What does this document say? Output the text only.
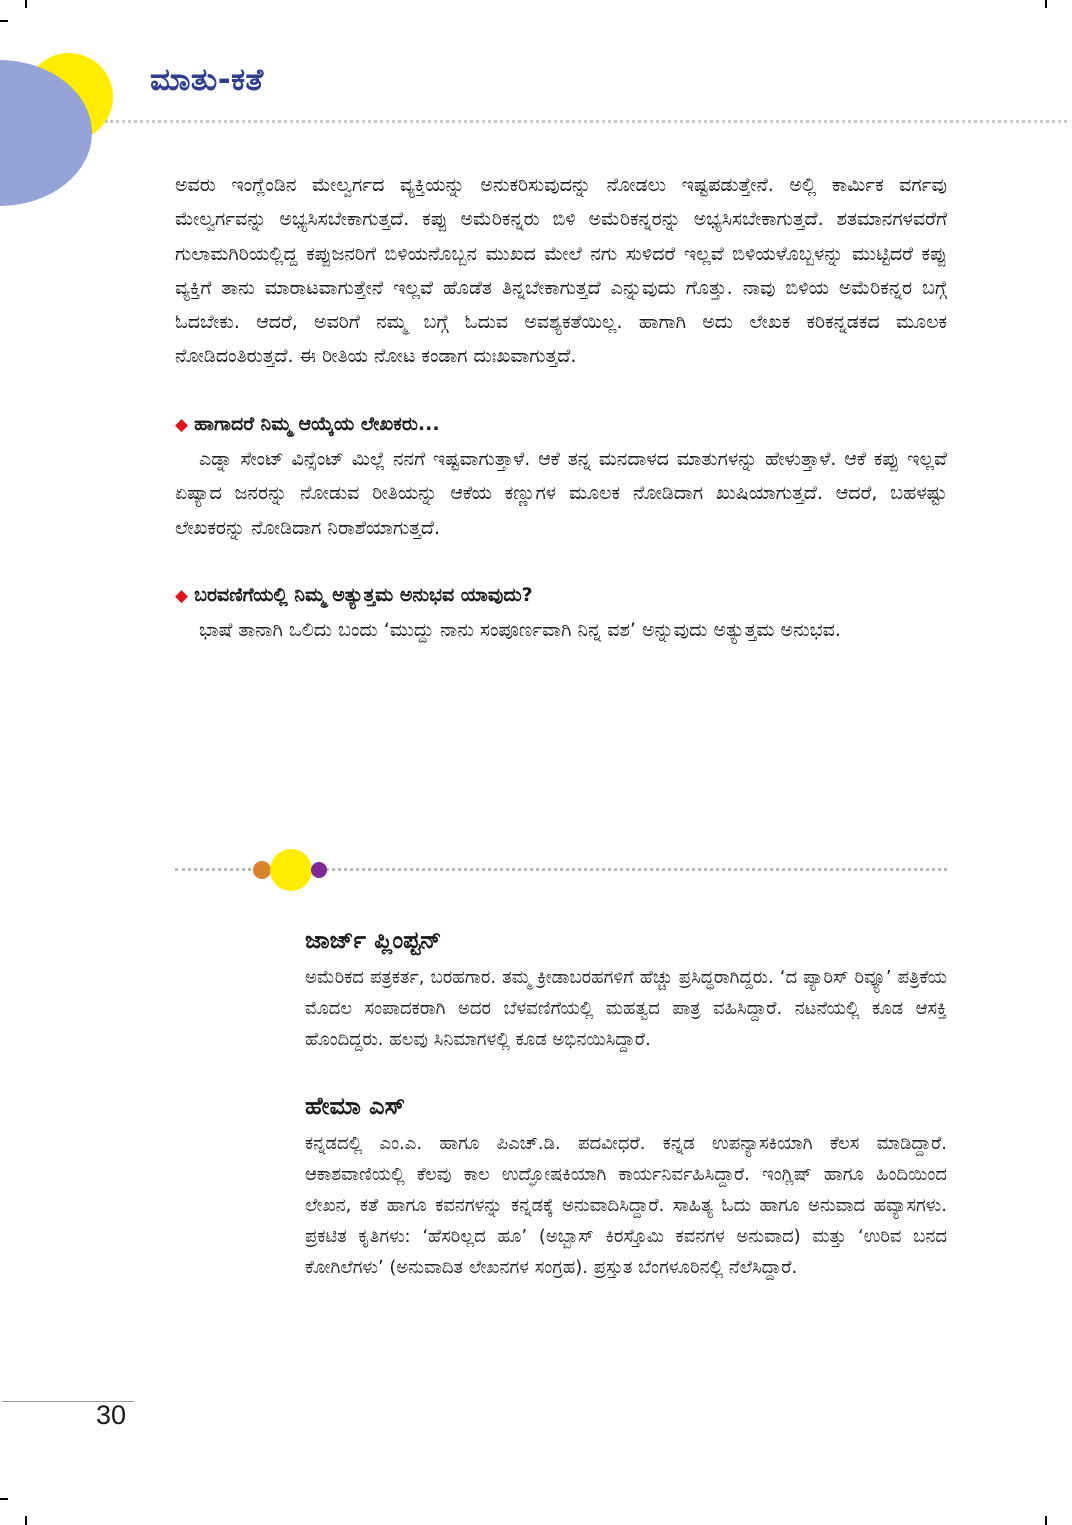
ಮಾತು-ಕತೆ

ಅವರು ಇಂಗ್ಲೆಂಡಿನ ಮೇಲ್ವರ್ಗದ ವ್ಯಕ್ತಿಯನ್ನು ಅನುಕರಿಸುವುದನ್ನು ನೋಡಲು ಇಷ್ಟಪಡುತ್ತೇನೆ. ಅಲ್ಲಿ ಕಾರ್ಮಿಕ ವರ್ಗವು ಮೇಲ್ವರ್ಗವನ್ನು ಅಭ್ಯಸಿಸಬೇಕಾಗುತ್ತದೆ. ಕಪ್ಪು ಅಮೆರಿಕನ್ನರು ಬಿಳಿ ಅಮೆರಿಕನ್ನರನ್ನು ಅಭ್ಯಸಿಸಬೇಕಾಗುತ್ತದೆ. ಶತಮಾನಗಳವರೆಗೆ ಗುಲಾಮಗಿರಿಯಲ್ಲಿದ್ದ ಕಪ್ಪುಜನರಿಗೆ ಬಿಳಿಯನೊಬ್ಬನ ಮುಖದ ಮೇಲೆ ನಗು ಸುಳಿದರೆ ಇಲ್ಲವೆ ಬಿಳಿಯಳೊಬ್ಬಳನ್ನು ಮುಟ್ಟಿದರೆ ಕಪ್ಪು ವ್ಯಕ್ತಿಗೆ ತಾನು ಮಾರಾಟವಾಗುತ್ತೇನೆ ಇಲ್ಲವೆ ಹೊಡೆತ ತಿನ್ನಬೇಕಾಗುತ್ತದೆ ಎನ್ನುವುದು ಗೊತ್ತು. ನಾವು ಬಿಳಿಯ ಅಮೆರಿಕನ್ನರ ಬಗ್ಗೆ ಓದಬೇಕು. ಆದರೆ, ಅವರಿಗೆ ನಮ್ಮ ಬಗ್ಗೆ ಓದುವ ಅವಶ್ಯಕತೆಯಿಲ್ಲ. ಹಾಗಾಗಿ ಅದು ಲೇಖಕ ಕರಿಕನ್ನಡಕದ ಮೂಲಕ ನೋಡಿದಂತಿರುತ್ತದೆ. ಈ ರೀತಿಯ ನೋಟ ಕಂಡಾಗ ದುಃಖವಾಗುತ್ತದೆ.

◆ ಹಾಗಾದರೆ ನಿಮ್ಮ ಆಯ್ಕೆಯ ಲೇಖಕರು...

ಎಡ್ನಾ ಸೇಂಟ್ ವಿನ್ಸೆಂಟ್ ಮಿಲ್ಲೆ ನನಗೆ ಇಷ್ಟವಾಗುತ್ತಾಳೆ. ಆಕೆ ತನ್ನ ಮನದಾಳದ ಮಾತುಗಳನ್ನು ಹೇಳುತ್ತಾಳೆ. ಆಕೆ ಕಪ್ಪು ಇಲ್ಲವೆ ಏಷ್ಯಾದ ಜನರನ್ನು ನೋಡುವ ರೀತಿಯನ್ನು ಆಕೆಯ ಕಣ್ಣುಗಳ ಮೂಲಕ ನೋಡಿದಾಗ ಖುಷಿಯಾಗುತ್ತದೆ. ಆದರೆ, ಬಹಳಷ್ಟು ಲೇಖಕರನ್ನು ನೋಡಿದಾಗ ನಿರಾಶೆಯಾಗುತ್ತದೆ.

◆ ಬರವಣಿಗೆಯಲ್ಲಿ ನಿಮ್ಮ ಅತ್ಯುತ್ತಮ ಅನುಭವ ಯಾವುದು?

ಭಾಷೆ ತಾನಾಗಿ ಒಲಿದು ಬಂದು ‘ಮುದ್ದು ನಾನು ಸಂಪೂರ್ಣವಾಗಿ ನಿನ್ನ ವಶ’ ಅನ್ನುವುದು ಅತ್ಯುತ್ತಮ ಅನುಭವ.

ಜಾರ್ಜ್ ಪ್ಲಿಂಪ್ಟನ್

ಅಮೆರಿಕದ ಪತ್ರಕರ್ತ, ಬರಹಗಾರ. ತಮ್ಮ ಕ್ರೀಡಾಬರಹಗಳಿಗೆ ಹೆಚ್ಚು ಪ್ರಸಿದ್ಧರಾಗಿದ್ದರು. ‘ದ ಪ್ಯಾರಿಸ್ ರಿವ್ಯೂ’ ಪತ್ರಿಕೆಯ ಮೊದಲ ಸಂಪಾದಕರಾಗಿ ಅದರ ಬೆಳವಣಿಗೆಯಲ್ಲಿ ಮಹತ್ವದ ಪಾತ್ರ ವಹಿಸಿದ್ದಾರೆ. ನಟನೆಯಲ್ಲಿ ಕೂಡ ಆಸಕ್ತಿ ಹೊಂದಿದ್ದರು. ಹಲವು ಸಿನಿಮಾಗಳಲ್ಲಿ ಕೂಡ ಅಭಿನಯಿಸಿದ್ದಾರೆ.

ಹೇಮಾ ಎಸ್

ಕನ್ನಡದಲ್ಲಿ ಎಂ.ಎ. ಹಾಗೂ ಪಿಎಚ್.ಡಿ. ಪದವೀಧರೆ. ಕನ್ನಡ ಉಪನ್ಯಾಸಕಿಯಾಗಿ ಕೆಲಸ ಮಾಡಿದ್ದಾರೆ. ಆಕಾಶವಾಣಿಯಲ್ಲಿ ಕೆಲವು ಕಾಲ ಉದ್ಘೋಷಕಿಯಾಗಿ ಕಾರ್ಯನಿರ್ವಹಿಸಿದ್ದಾರೆ. ಇಂಗ್ಲಿಷ್ ಹಾಗೂ ಹಿಂದಿಯಿಂದ ಲೇಖನ, ಕತೆ ಹಾಗೂ ಕವನಗಳನ್ನು ಕನ್ನಡಕ್ಕೆ ಅನುವಾದಿಸಿದ್ದಾರೆ. ಸಾಹಿತ್ಯ ಓದು ಹಾಗೂ ಅನುವಾದ ಹವ್ಯಾಸಗಳು. ಪ್ರಕಟಿತ ಕೃತಿಗಳು: ‘ಹೆಸರಿಲ್ಲದ ಹೂ’ (ಅಬ್ಬಾಸ್ ಕಿರಸ್ತೊಮಿ ಕವನಗಳ ಅನುವಾದ) ಮತ್ತು ‘ಉರಿವ ಬನದ ಕೋಗಿಲೆಗಳು’ (ಅನುವಾದಿತ ಲೇಖನಗಳ ಸಂಗ್ರಹ). ಪ್ರಸ್ತುತ ಬೆಂಗಳೂರಿನಲ್ಲಿ ನೆಲೆಸಿದ್ದಾರೆ.

30
